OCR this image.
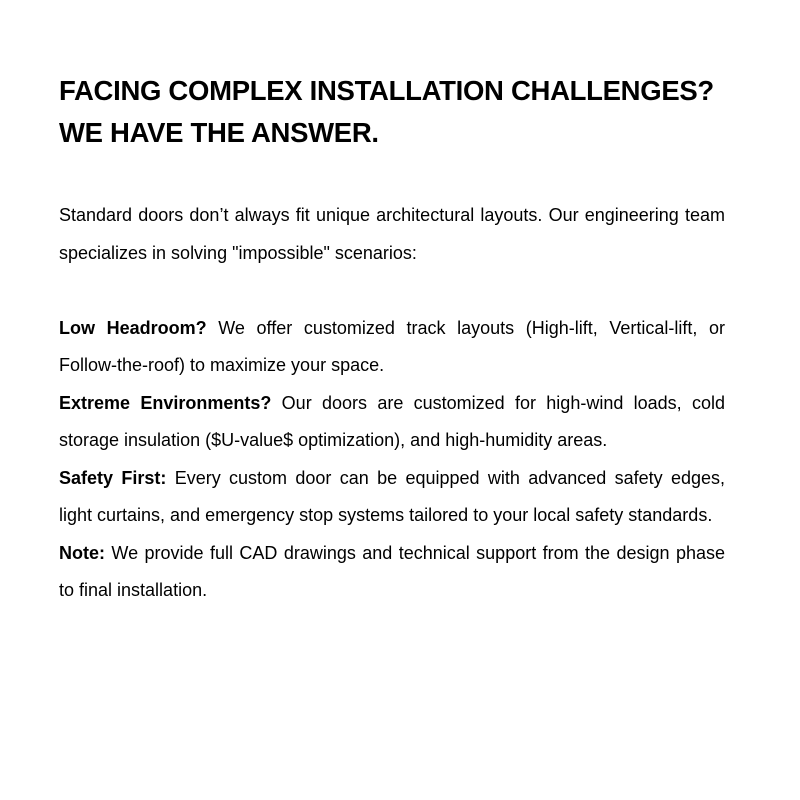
FACING COMPLEX INSTALLATION CHALLENGES?
WE HAVE THE ANSWER.

Standard doors don’t always fit unique architectural layouts. Our engineering team specializes in solving "impossible" scenarios:

Low Headroom? We offer customized track layouts (High-lift, Vertical-lift, or Follow-the-roof) to maximize your space.

Extreme Environments? Our doors are customized for high-wind loads, cold storage insulation ($U-value$ optimization), and high-humidity areas.

Safety First: Every custom door can be equipped with advanced safety edges, light curtains, and emergency stop systems tailored to your local safety standards.

Note: We provide full CAD drawings and technical support from the design phase to final installation.
